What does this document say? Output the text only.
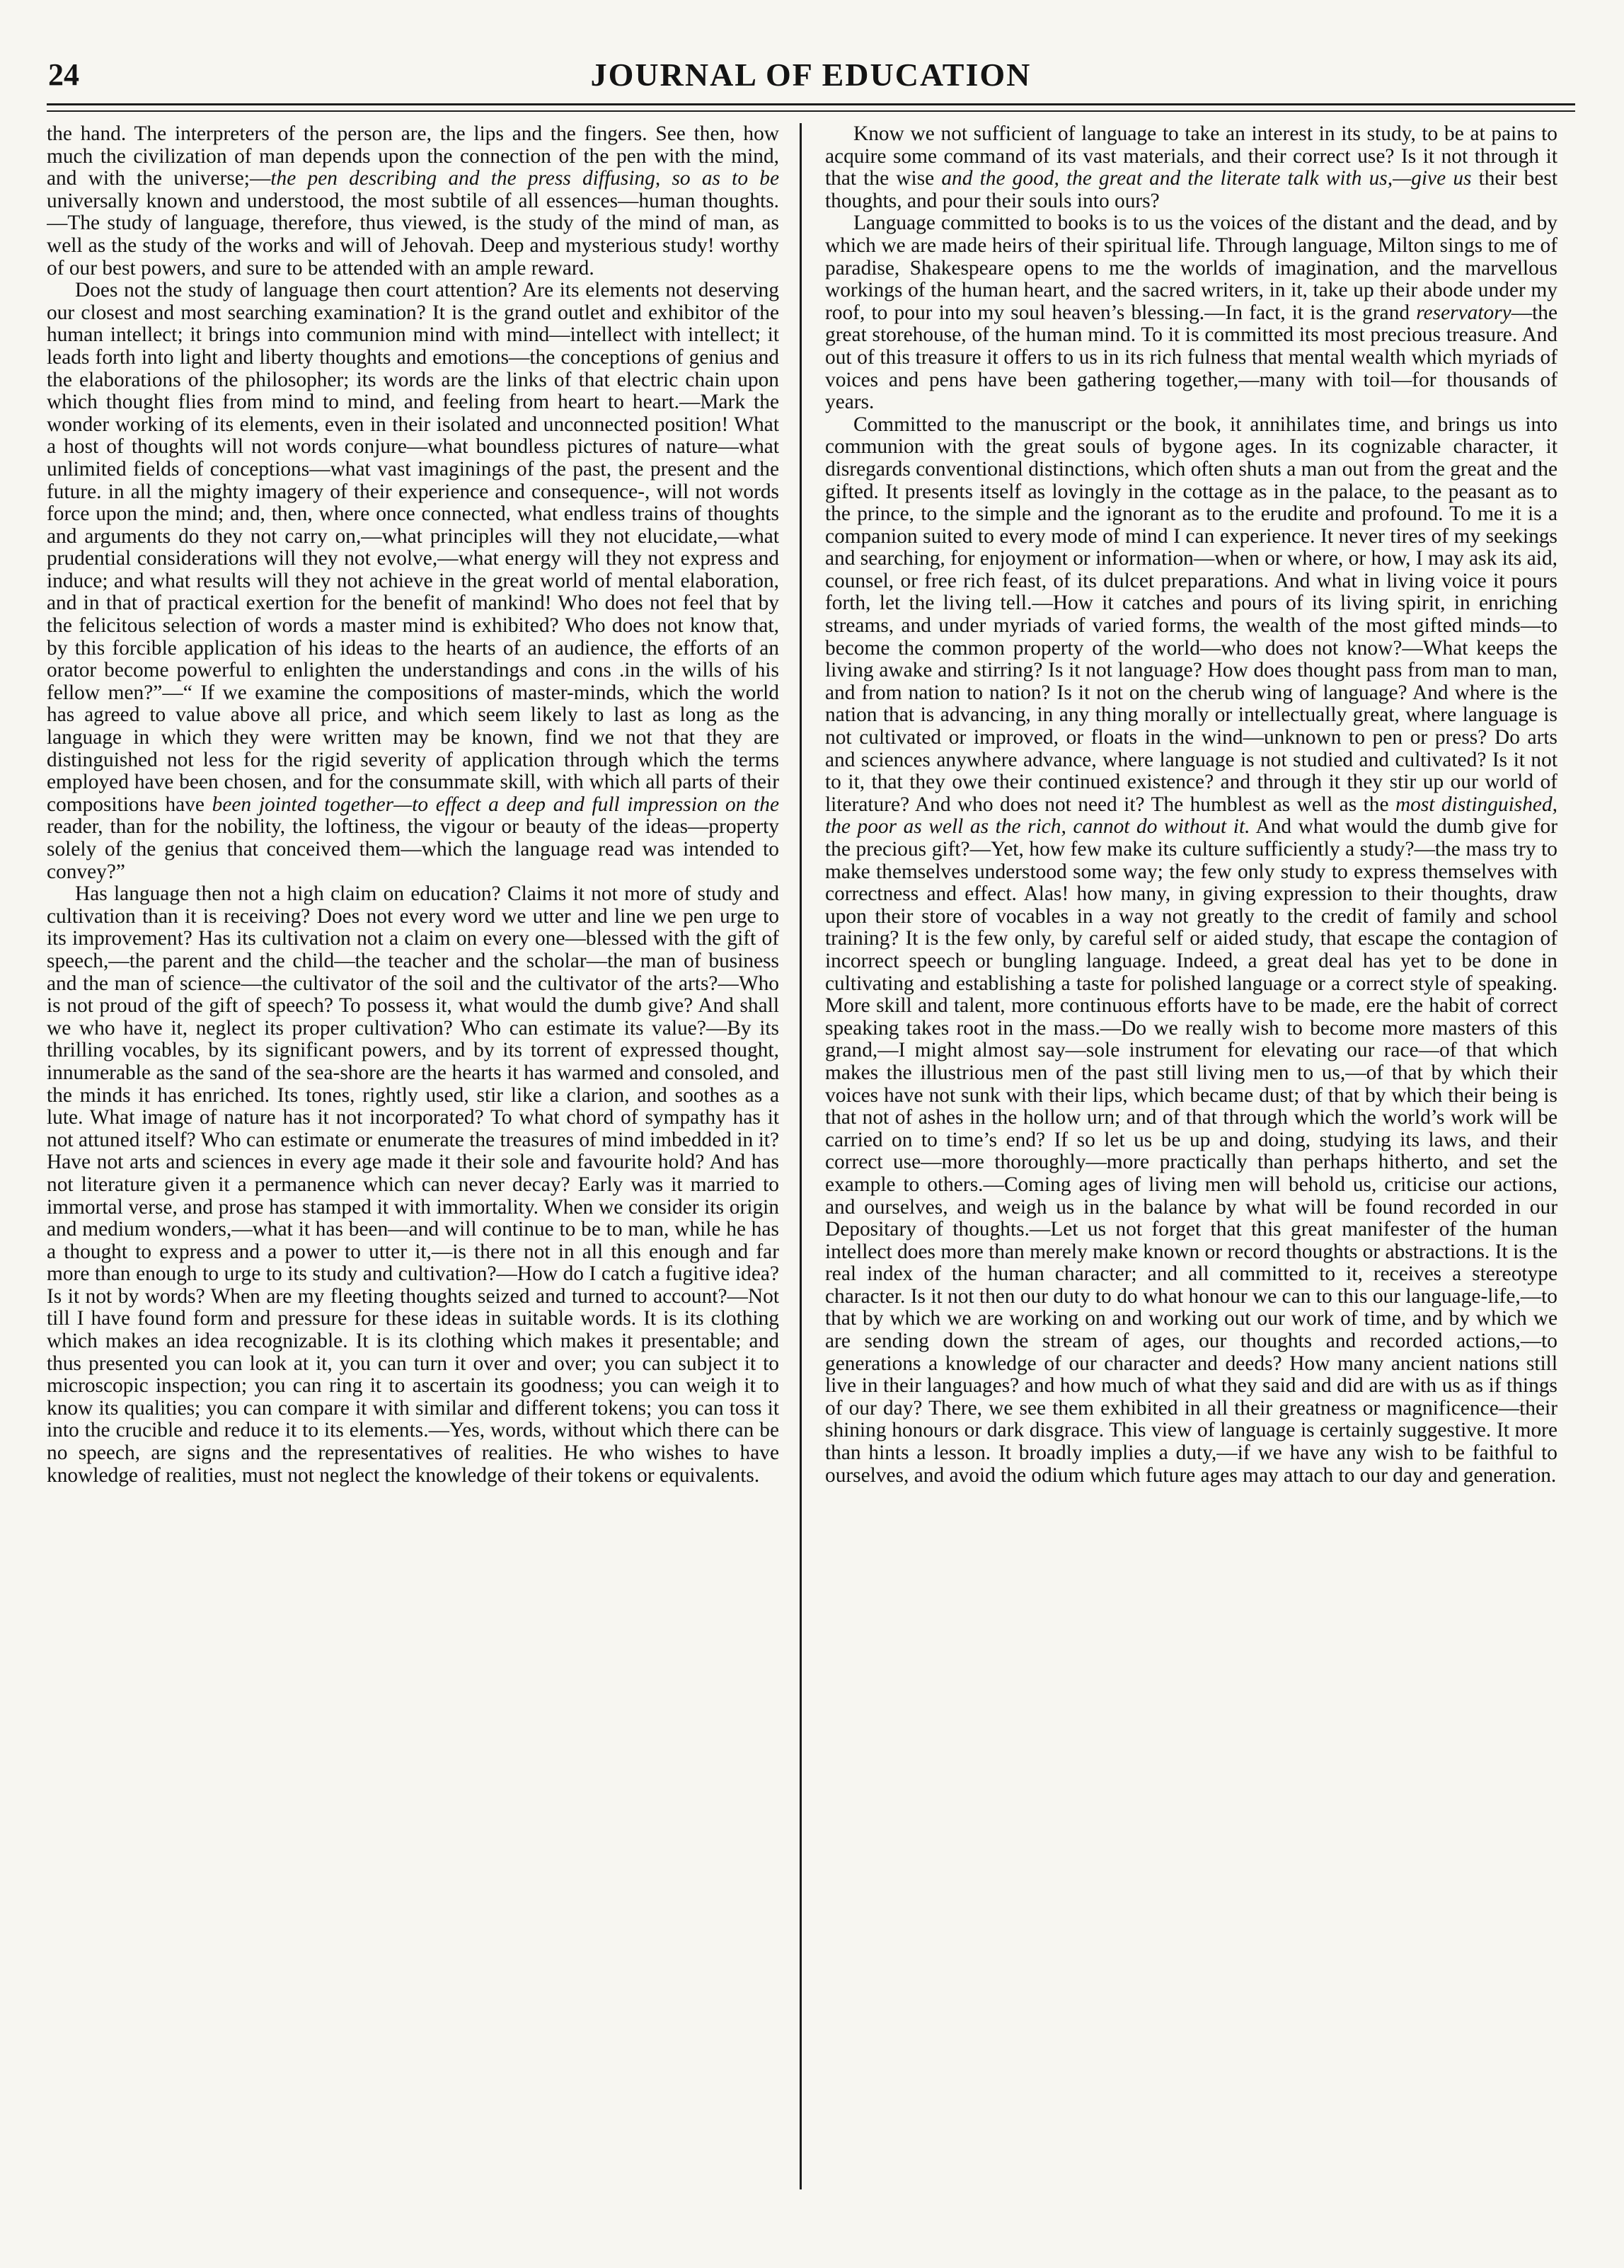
24	JOURNAL OF EDUCATION

the hand. The interpreters of the person are, the lips and the fingers. See then, how much the civilization of man depends upon the connection of the pen with the mind, and with the universe;—the pen describing and the press diffusing, so as to be universally known and understood, the most subtile of all essences—human thoughts.—The study of language, therefore, thus viewed, is the study of the mind of man, as well as the study of the works and will of Jehovah. Deep and mysterious study! worthy of our best powers, and sure to be attended with an ample reward.

Does not the study of language then court attention? Are its elements not deserving our closest and most searching examination? It is the grand outlet and exhibitor of the human intellect; it brings into communion mind with mind—intellect with intellect; it leads forth into light and liberty thoughts and emotions—the conceptions of genius and the elaborations of the philosopher; its words are the links of that electric chain upon which thought flies from mind to mind, and feeling from heart to heart.—Mark the wonder working of its elements, even in their isolated and unconnected position! What a host of thoughts will not words conjure—what boundless pictures of nature—what unlimited fields of conceptions—what vast imaginings of the past, the present and the future. in all the mighty imagery of their experience and consequence-, will not words force upon the mind; and, then, where once connected, what endless trains of thoughts and arguments do they not carry on,—what principles will they not elucidate,—what prudential considerations will they not evolve,—what energy will they not express and induce; and what results will they not achieve in the great world of mental elaboration, and in that of practical exertion for the benefit of mankind! Who does not feel that by the felicitous selection of words a master mind is exhibited? Who does not know that, by this forcible application of his ideas to the hearts of an audience, the efforts of an orator become powerful to enlighten the understandings and cons .in the wills of his fellow men?”—“ If we examine the compositions of master-minds, which the world has agreed to value above all price, and which seem likely to last as long as the language in which they were written may be known, find we not that they are distinguished not less for the rigid severity of application through which the terms employed have been chosen, and for the consummate skill, with which all parts of their compositions have been jointed together—to effect a deep and full impression on the reader, than for the nobility, the loftiness, the vigour or beauty of the ideas—property solely of the genius that conceived them—which the language read was intended to convey?”

Has language then not a high claim on education? Claims it not more of study and cultivation than it is receiving? Does not every word we utter and line we pen urge to its improvement? Has its cultivation not a claim on every one—blessed with the gift of speech,—the parent and the child—the teacher and the scholar—the man of business and the man of science—the cultivator of the soil and the cultivator of the arts?—Who is not proud of the gift of speech? To possess it, what would the dumb give? And shall we who have it, neglect its proper cultivation? Who can estimate its value?—By its thrilling vocables, by its significant powers, and by its torrent of expressed thought, innumerable as the sand of the sea-shore are the hearts it has warmed and consoled, and the minds it has enriched. Its tones, rightly used, stir like a clarion, and soothes as a lute. What image of nature has it not incorporated? To what chord of sympathy has it not attuned itself? Who can estimate or enumerate the treasures of mind imbedded in it? Have not arts and sciences in every age made it their sole and favourite hold? And has not literature given it a permanence which can never decay? Early was it married to immortal verse, and prose has stamped it with immortality. When we consider its origin and medium wonders,—what it has been—and will continue to be to man, while he has a thought to express and a power to utter it,—is there not in all this enough and far more than enough to urge to its study and cultivation?—How do I catch a fugitive idea? Is it not by words? When are my fleeting thoughts seized and turned to account?—Not till I have found form and pressure for these ideas in suitable words. It is its clothing which makes an idea recognizable. It is its clothing which makes it presentable; and thus presented you can look at it, you can turn it over and over; you can subject it to microscopic inspection; you can ring it to ascertain its goodness; you can weigh it to know its qualities; you can compare it with similar and different tokens; you can toss it into the crucible and reduce it to its elements.—Yes, words, without which there can be no speech, are signs and the representatives of realities. He who wishes to have knowledge of realities, must not neglect the knowledge of their tokens or equivalents.

Know we not sufficient of language to take an interest in its study, to be at pains to acquire some command of its vast materials, and their correct use? Is it not through it that the wise and the good, the great and the literate talk with us,—give us their best thoughts, and pour their souls into ours?

Language committed to books is to us the voices of the distant and the dead, and by which we are made heirs of their spiritual life. Through language, Milton sings to me of paradise, Shakespeare opens to me the worlds of imagination, and the marvellous workings of the human heart, and the sacred writers, in it, take up their abode under my roof, to pour into my soul heaven’s blessing.—In fact, it is the grand reservatory—the great storehouse, of the human mind. To it is committed its most precious treasure. And out of this treasure it offers to us in its rich fulness that mental wealth which myriads of voices and pens have been gathering together,—many with toil—for thousands of years.

Committed to the manuscript or the book, it annihilates time, and brings us into communion with the great souls of bygone ages. In its cognizable character, it disregards conventional distinctions, which often shuts a man out from the great and the gifted. It presents itself as lovingly in the cottage as in the palace, to the peasant as to the prince, to the simple and the ignorant as to the erudite and profound. To me it is a companion suited to every mode of mind I can experience. It never tires of my seekings and searching, for enjoyment or information—when or where, or how, I may ask its aid, counsel, or free rich feast, of its dulcet preparations. And what in living voice it pours forth, let the living tell.—How it catches and pours of its living spirit, in enriching streams, and under myriads of varied forms, the wealth of the most gifted minds—to become the common property of the world—who does not know?—What keeps the living awake and stirring? Is it not language? How does thought pass from man to man, and from nation to nation? Is it not on the cherub wing of language? And where is the nation that is advancing, in any thing morally or intellectually great, where language is not cultivated or improved, or floats in the wind—unknown to pen or press? Do arts and sciences anywhere advance, where language is not studied and cultivated? Is it not to it, that they owe their continued existence? and through it they stir up our world of literature? And who does not need it? The humblest as well as the most distinguished, the poor as well as the rich, cannot do without it. And what would the dumb give for the precious gift?—Yet, how few make its culture sufficiently a study?—the mass try to make themselves understood some way; the few only study to express themselves with correctness and effect. Alas! how many, in giving expression to their thoughts, draw upon their store of vocables in a way not greatly to the credit of family and school training? It is the few only, by careful self or aided study, that escape the contagion of incorrect speech or bungling language. Indeed, a great deal has yet to be done in cultivating and establishing a taste for polished language or a correct style of speaking. More skill and talent, more continuous efforts have to be made, ere the habit of correct speaking takes root in the mass.—Do we really wish to become more masters of this grand,—I might almost say—sole instrument for elevating our race—of that which makes the illustrious men of the past still living men to us,—of that by which their voices have not sunk with their lips, which became dust; of that by which their being is that not of ashes in the hollow urn; and of that through which the world’s work will be carried on to time’s end? If so let us be up and doing, studying its laws, and their correct use—more thoroughly—more practically than perhaps hitherto, and set the example to others.—Coming ages of living men will behold us, criticise our actions, and ourselves, and weigh us in the balance by what will be found recorded in our Depositary of thoughts.—Let us not forget that this great manifester of the human intellect does more than merely make known or record thoughts or abstractions. It is the real index of the human character; and all committed to it, receives a stereotype character. Is it not then our duty to do what honour we can to this our language-life,—to that by which we are working on and working out our work of time, and by which we are sending down the stream of ages, our thoughts and recorded actions,—to generations a knowledge of our character and deeds? How many ancient nations still live in their languages? and how much of what they said and did are with us as if things of our day? There, we see them exhibited in all their greatness or magnificence—their shining honours or dark disgrace. This view of language is certainly suggestive. It more than hints a lesson. It broadly implies a duty,—if we have any wish to be faithful to ourselves, and avoid the odium which future ages may attach to our day and generation.
